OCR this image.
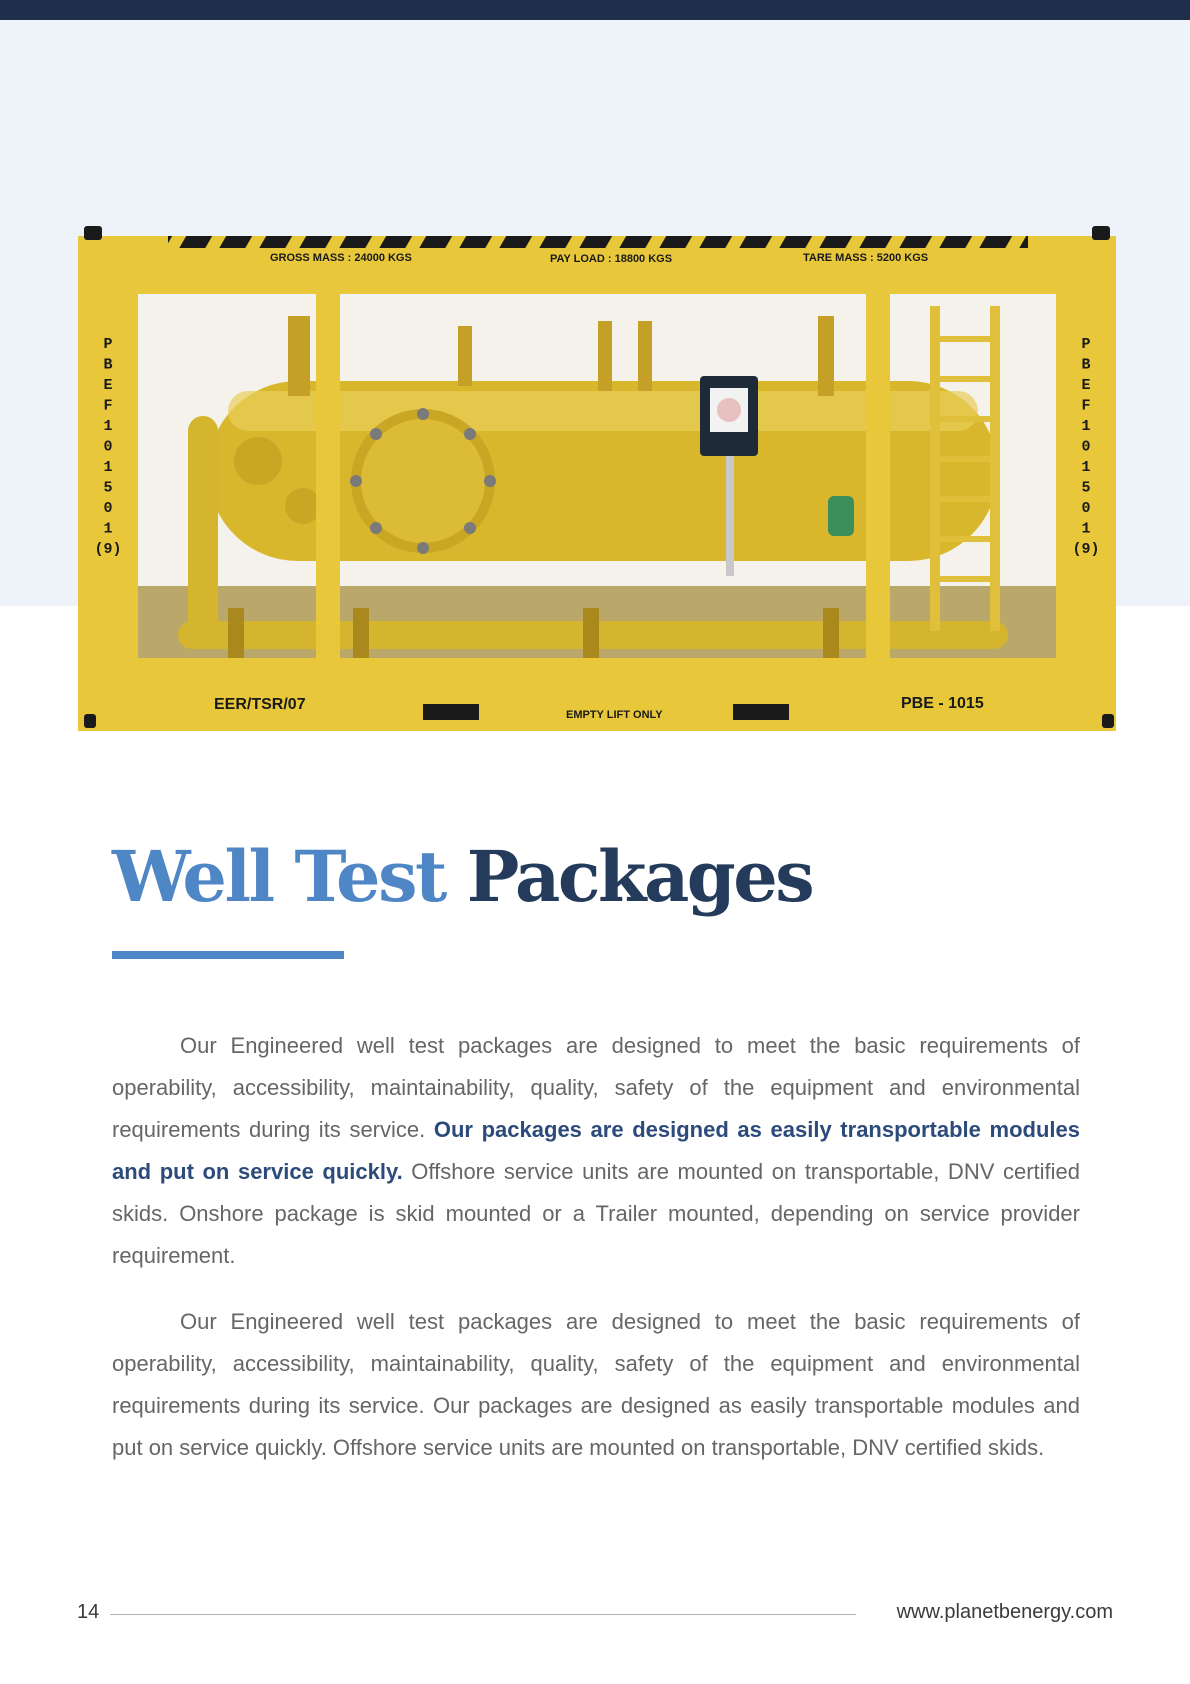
GROSS MASS : 24000 KGS	PAY LOAD : 18800 KGS	TARE MASS : 5200 KGS
EER/TSR/07
EMPTY LIFT ONLY
PBE - 1015
P
B
E
F
1
0
1
5
0
1
(9)
P
B
E
F
1
0
1
5
0
1
(9)
Well Test Packages

Our Engineered well test packages are designed to meet the basic requirements of operability, accessibility, maintainability, quality, safety of the equipment and environmental requirements during its service. Our packages are designed as easily transportable modules and put on service quickly. Offshore service units are mounted on transportable, DNV certified skids. Onshore package is skid mounted or a Trailer mounted, depending on service provider requirement.

Our Engineered well test packages are designed to meet the basic requirements of operability, accessibility, maintainability, quality, safety of the equipment and environmental requirements during its service. Our packages are designed as easily transportable modules and put on service quickly. Offshore service units are mounted on transportable, DNV certified skids.

14	www.planetbenergy.com
